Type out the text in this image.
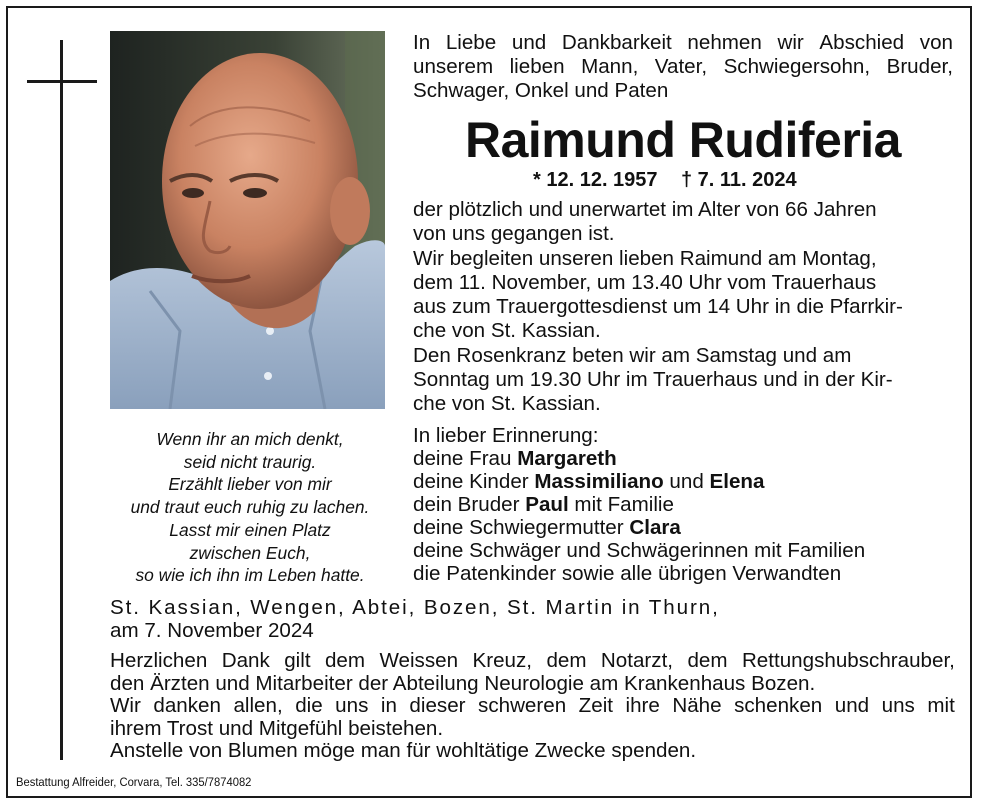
Wenn ihr an mich denkt,
seid nicht traurig.
Erzählt lieber von mir
und traut euch ruhig zu lachen.
Lasst mir einen Platz
zwischen Euch,
so wie ich ihn im Leben hatte.
In Liebe und Dankbarkeit nehmen wir Abschied von
unserem lieben Mann, Vater, Schwiegersohn, Bruder,
Schwager, Onkel und Paten
Raimund Rudiferia
* 12. 12. 1957 † 7. 11. 2024
der plötzlich und unerwartet im Alter von 66 Jahren
von uns gegangen ist.
Wir begleiten unseren lieben Raimund am Montag,
dem 11. November, um 13.40 Uhr vom Trauerhaus
aus zum Trauergottesdienst um 14 Uhr in die Pfarrkir-
che von St. Kassian.
Den Rosenkranz beten wir am Samstag und am
Sonntag um 19.30 Uhr im Trauerhaus und in der Kir-
che von St. Kassian.
In lieber Erinnerung:
deine Frau Margareth
deine Kinder Massimiliano und Elena
dein Bruder Paul mit Familie
deine Schwiegermutter Clara
deine Schwäger und Schwägerinnen mit Familien
die Patenkinder sowie alle übrigen Verwandten
St. Kassian, Wengen, Abtei, Bozen, St. Martin in Thurn,
am 7. November 2024
Herzlichen Dank gilt dem Weissen Kreuz, dem Notarzt, dem Rettungshubschrauber,
den Ärzten und Mitarbeiter der Abteilung Neurologie am Krankenhaus Bozen.
Wir danken allen, die uns in dieser schweren Zeit ihre Nähe schenken und uns mit
ihrem Trost und Mitgefühl beistehen.
Anstelle von Blumen möge man für wohltätige Zwecke spenden.
Bestattung Alfreider, Corvara, Tel. 335/7874082
